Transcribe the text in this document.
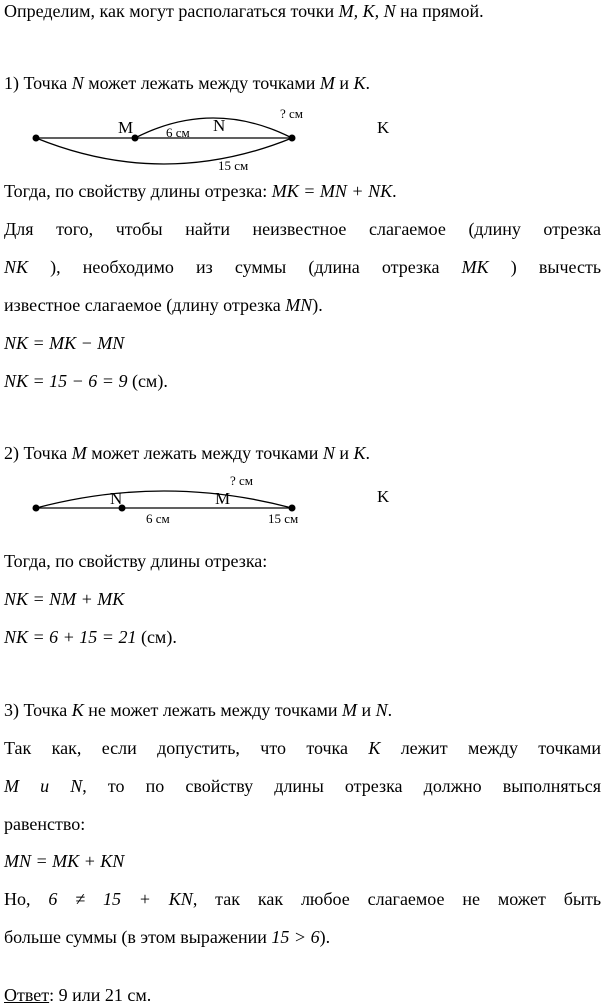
Определим, как могут располагаться точки M, K, N на прямой.
1) Точка N может лежать между точками M и K.
M	N	K
6 см
? см
15 см
Тогда, по свойству длины отрезка: MK = MN + NK.
Для того, чтобы найти неизвестное слагаемое (длину отрезка
NK ), необходимо из суммы (длина отрезка MK ) вычесть
известное слагаемое (длину отрезка MN).
NK = MK − MN
NK = 15 − 6 = 9 (см).
2) Точка M может лежать между точками N и K.
N	M	K
6 см	15 см
? см
Тогда, по свойству длины отрезка:
NK = NM + MK
NK = 6 + 15 = 21 (см).
3) Точка K не может лежать между точками M и N.
Так как, если допустить, что точка K лежит между точками
M и N, то по свойству длины отрезка должно выполняться
равенство:
MN = MK + KN
Но, 6 ≠ 15 + KN, так как любое слагаемое не может быть
больше суммы (в этом выражении 15 > 6).
Ответ: 9 или 21 см.
